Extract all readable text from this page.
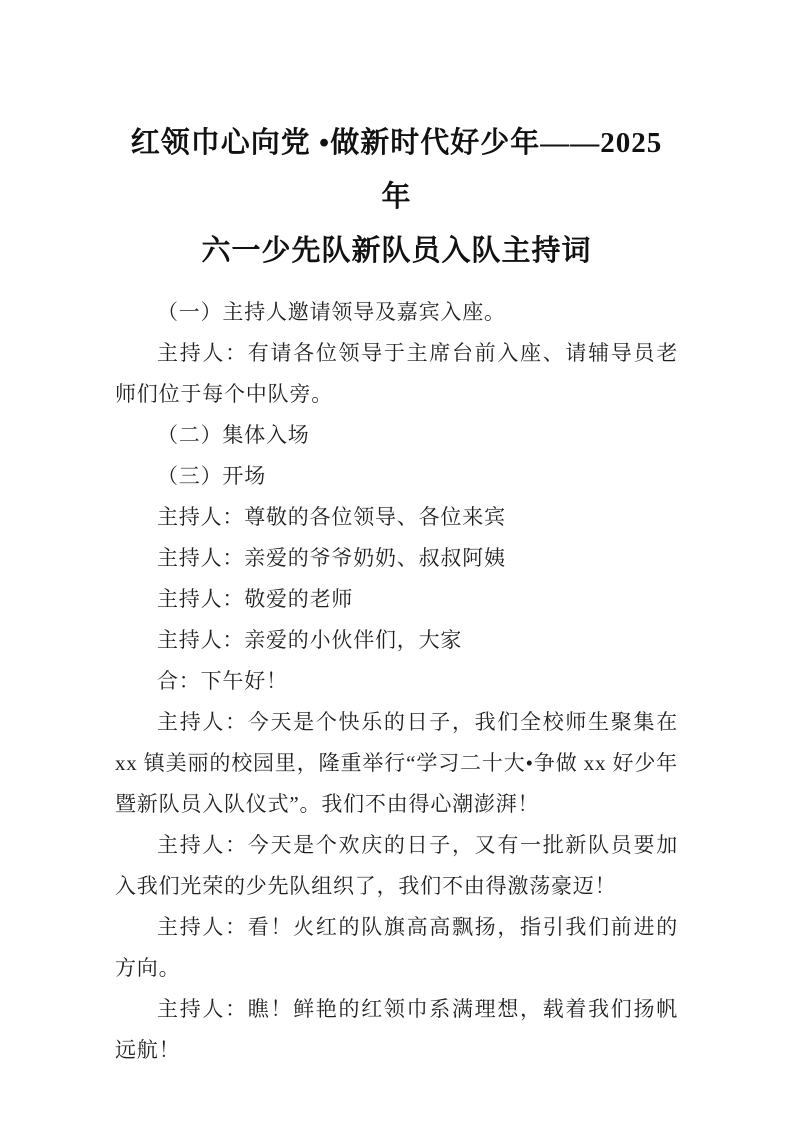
红领巾心向党 •做新时代好少年——2025 年
六一少先队新队员入队主持词

（一）主持人邀请领导及嘉宾入座。

主持人：有请各位领导于主席台前入座、请辅导员老师们位于每个中队旁。

（二）集体入场

（三）开场

主持人：尊敬的各位领导、各位来宾

主持人：亲爱的爷爷奶奶、叔叔阿姨

主持人：敬爱的老师

主持人：亲爱的小伙伴们，大家

合：下午好！

主持人：今天是个快乐的日子，我们全校师生聚集在 xx 镇美丽的校园里，隆重举行“学习二十大•争做 xx 好少年暨新队员入队仪式”。我们不由得心潮澎湃！

主持人：今天是个欢庆的日子，又有一批新队员要加入我们光荣的少先队组织了，我们不由得激荡豪迈！

主持人：看！火红的队旗高高飘扬，指引我们前进的方向。

主持人：瞧！鲜艳的红领巾系满理想，载着我们扬帆远航！
